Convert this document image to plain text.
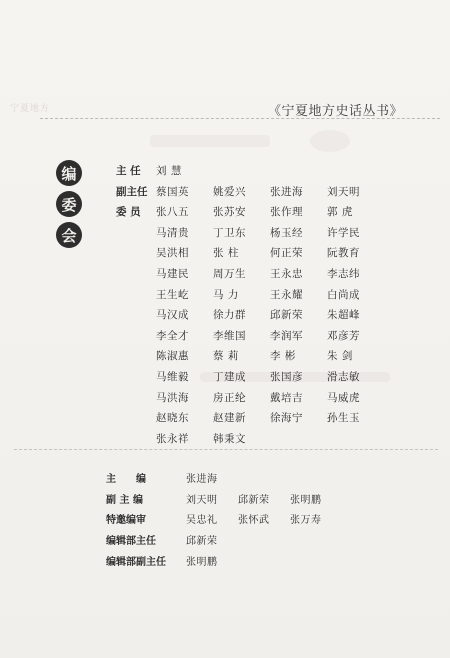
宁夏地方	《宁夏地方史话丛书》
编
委
会
主 任	刘 慧
副主任 蔡国英	姚爱兴	张进海	刘天明
委 员	张八五	张苏安	张作理	郭 虎
马清贵	丁卫东	杨玉经	许学民
吴洪相	张 柱	何正荣	阮教育
马建民	周万生	王永忠	李志纬
王生屹	马 力	王永耀	白尚成
马汉成	徐力群	邱新荣	朱超峰
李全才	李维国	李润军	邓彦芳
陈淑惠	蔡 莉	李 彬	朱 剑
马维毅	丁建成	张国彦	滑志敏
马洪海	房正纶	戴培吉	马威虎
赵晓东	赵建新	徐海宁	孙生玉
张永祥	韩秉文
主　　编	张进海
副 主 编	刘天明	邱新荣	张明鹏
特邀编审	吴忠礼	张怀武	张万寿
编辑部主任	邱新荣
编辑部副主任	张明鹏
